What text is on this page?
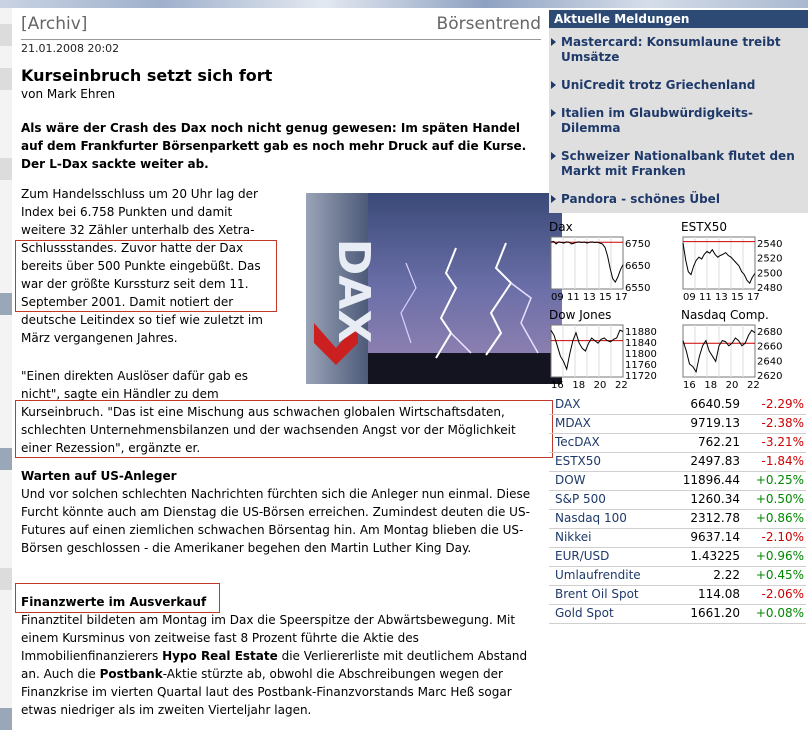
[Archiv]	Börsentrend
21.01.2008 20:02
Kurseinbruch setzt sich fort
von Mark Ehren
Als wäre der Crash des Dax noch nicht genug gewesen: Im späten Handel auf dem Frankfurter Börsenparkett gab es noch mehr Druck auf die Kurse. Der L-Dax sackte weiter ab.
Zum Handelsschluss um 20 Uhr lag der Index bei 6.758 Punkten und damit weitere 32 Zähler unterhalb des Xetra-Schlussstandes. Zuvor hatte der Dax bereits über 500 Punkte eingebüßt. Das war der größte Kurssturz seit dem 11. September 2001. Damit notiert der deutsche Leitindex so tief wie zuletzt im März vergangenen Jahres.
"Einen direkten Auslöser dafür gab es nicht", sagte ein Händler zu dem
Kurseinbruch. "Das ist eine Mischung aus schwachen globalen Wirtschaftsdaten, schlechten Unternehmensbilanzen und der wachsenden Angst vor der Möglichkeit einer Rezession", ergänzte er.
Warten auf US-Anleger
Und vor solchen schlechten Nachrichten fürchten sich die Anleger nun einmal. Diese Furcht könnte auch am Dienstag die US-Börsen erreichen. Zumindest deuten die US-Futures auf einen ziemlichen schwachen Börsentag hin. Am Montag blieben die US-Börsen geschlossen - die Amerikaner begehen den Martin Luther King Day.
Finanzwerte im Ausverkauf
Finanztitel bildeten am Montag im Dax die Speerspitze der Abwärtsbewegung. Mit einem Kursminus von zeitweise fast 8 Prozent führte die Aktie des Immobilienfinanzierers Hypo Real Estate die Verliererliste mit deutlichem Abstand an. Auch die Postbank-Aktie stürzte ab, obwohl die Abschreibungen wegen der Finanzkrise im vierten Quartal laut des Postbank-Finanzvorstands Marc Heß sogar etwas niedriger als im zweiten Vierteljahr lagen.
DAX
Aktuelle Meldungen
Mastercard: Konsumlaune treibt Umsätze
UniCredit trotz Griechenland
Italien im Glaubwürdigkeits-Dilemma
Schweizer Nationalbank flutet den Markt mit Franken
Pandora - schönes Übel
Dax
6750
6650
6550
09 11 13 15 17
ESTX50
2540
2520
2500
2480
09 11 13 15 17
Dow Jones
11880
11840
11800
11760
11720
16 18 20 22
Nasdaq Comp.
2680
2660
2640
2620
16 18 20 22
DAX	6640.59 -2.29%
MDAX	9719.13 -2.38%
TecDAX	762.21 -3.21%
ESTX50	2497.83 -1.84%
DOW	11896.44 +0.25%
S&P 500	1260.34 +0.50%
Nasdaq 100	2312.78 +0.86%
Nikkei	9637.14 -2.10%
EUR/USD	1.43225 +0.96%
Umlaufrendite	2.22 +0.45%
Brent Oil Spot	114.08 -2.06%
Gold Spot	1661.20 +0.08%
